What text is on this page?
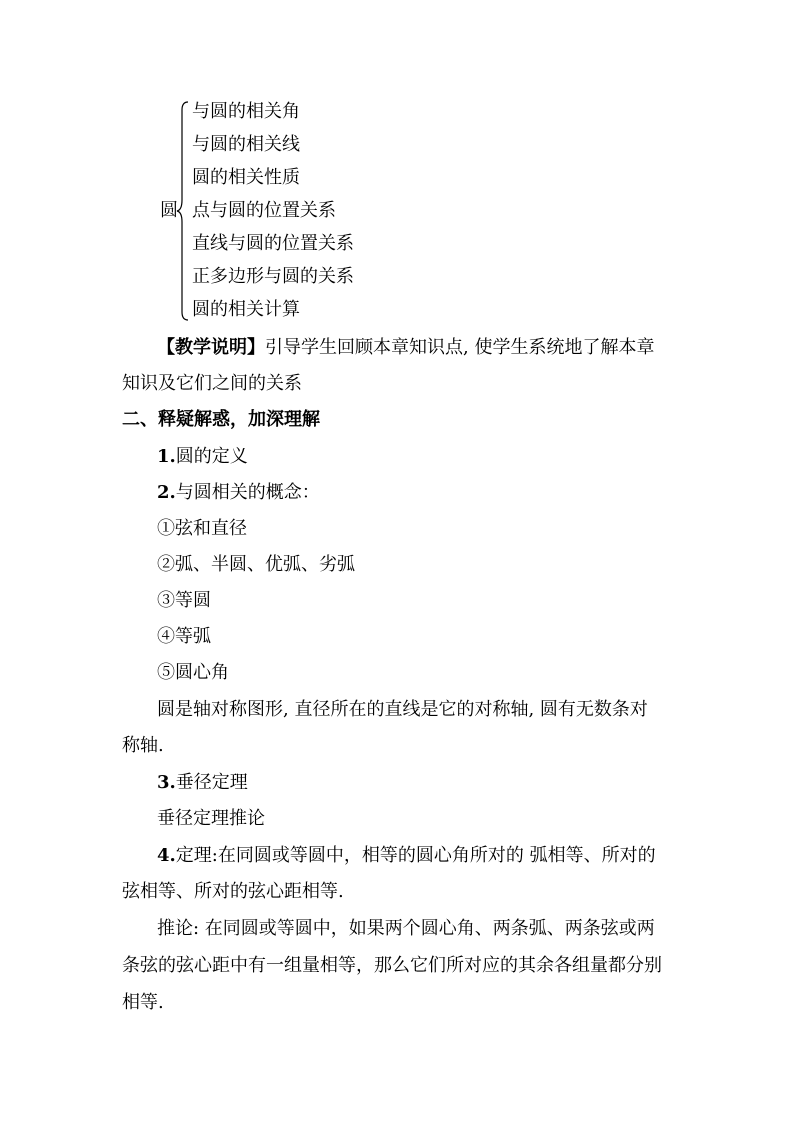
圆
与圆的相关角
与圆的相关线
圆的相关性质
点与圆的位置关系
直线与圆的位置关系
正多边形与圆的关系
圆的相关计算
【教学说明】引导学生回顾本章知识点, 使学生系统地了解本章
知识及它们之间的关系
二、释疑解惑，加深理解
1.圆的定义
2.与圆相关的概念：
①弦和直径
②弧、半圆、优弧、劣弧
③等圆
④等弧
⑤圆心角
圆是轴对称图形, 直径所在的直线是它的对称轴, 圆有无数条对
称轴.
3.垂径定理
垂径定理推论
4.定理:在同圆或等圆中，相等的圆心角所对的 弧相等、所对的
弦相等、所对的弦心距相等.
推论: 在同圆或等圆中，如果两个圆心角、两条弧、两条弦或两
条弦的弦心距中有一组量相等，那么它们所对应的其余各组量都分别
相等.
